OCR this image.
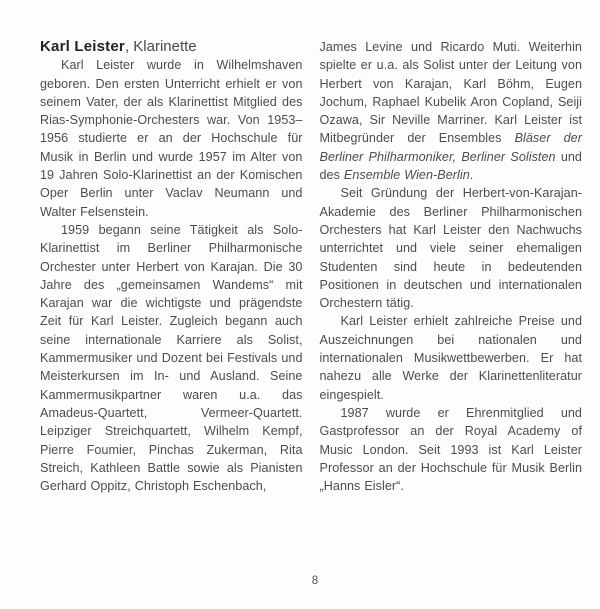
Karl Leister, Klarinette

Karl Leister wurde in Wilhelmshaven geboren. Den ersten Unterricht erhielt er von seinem Vater, der als Klarinettist Mitglied des Rias-Symphonie-Orchesters war. Von 1953–1956 studierte er an der Hochschule für Musik in Berlin und wurde 1957 im Alter von 19 Jahren Solo-Klarinettist an der Komischen Oper Berlin unter Vaclav Neumann und Walter Felsenstein.

1959 begann seine Tätigkeit als Solo-Klarinettist im Berliner Philharmonische Orchester unter Herbert von Karajan. Die 30 Jahre des „gemeinsamen Wandems“ mit Karajan war die wichtigste und prägendste Zeit für Karl Leister. Zugleich begann auch seine internationale Karriere als Solist, Kammermusiker und Dozent bei Festivals und Meisterkursen im In- und Ausland. Seine Kammermusikpartner waren u.a. das Amadeus-Quartett, Vermeer-Quartett. Leipziger Streichquartett, Wilhelm Kempf, Pierre Foumier, Pinchas Zukerman, Rita Streich, Kathleen Battle sowie als Pianisten Gerhard Oppitz, Christoph Eschenbach,

James Levine und Ricardo Muti. Weiterhin spielte er u.a. als Solist unter der Leitung von Herbert von Karajan, Karl Böhm, Eugen Jochum, Raphael Kubelik Aron Copland, Seiji Ozawa, Sir Neville Marriner. Karl Leister ist Mitbegründer der Ensembles Bläser der Berliner Philharmoniker, Berliner Solisten und des Ensemble Wien-Berlin.

Seit Gründung der Herbert-von-Karajan-Akademie des Berliner Philharmonischen Orchesters hat Karl Leister den Nachwuchs unterrichtet und viele seiner ehemaligen Studenten sind heute in bedeutenden Positionen in deutschen und internationalen Orchestern tätig.

Karl Leister erhielt zahlreiche Preise und Auszeichnungen bei nationalen und internationalen Musikwettbewerben. Er hat nahezu alle Werke der Klarinettenliteratur eingespielt.

1987 wurde er Ehrenmitglied und Gastprofessor an der Royal Academy of Music London. Seit 1993 ist Karl Leister Professor an der Hochschule für Musik Berlin „Hanns Eisler“.

8
